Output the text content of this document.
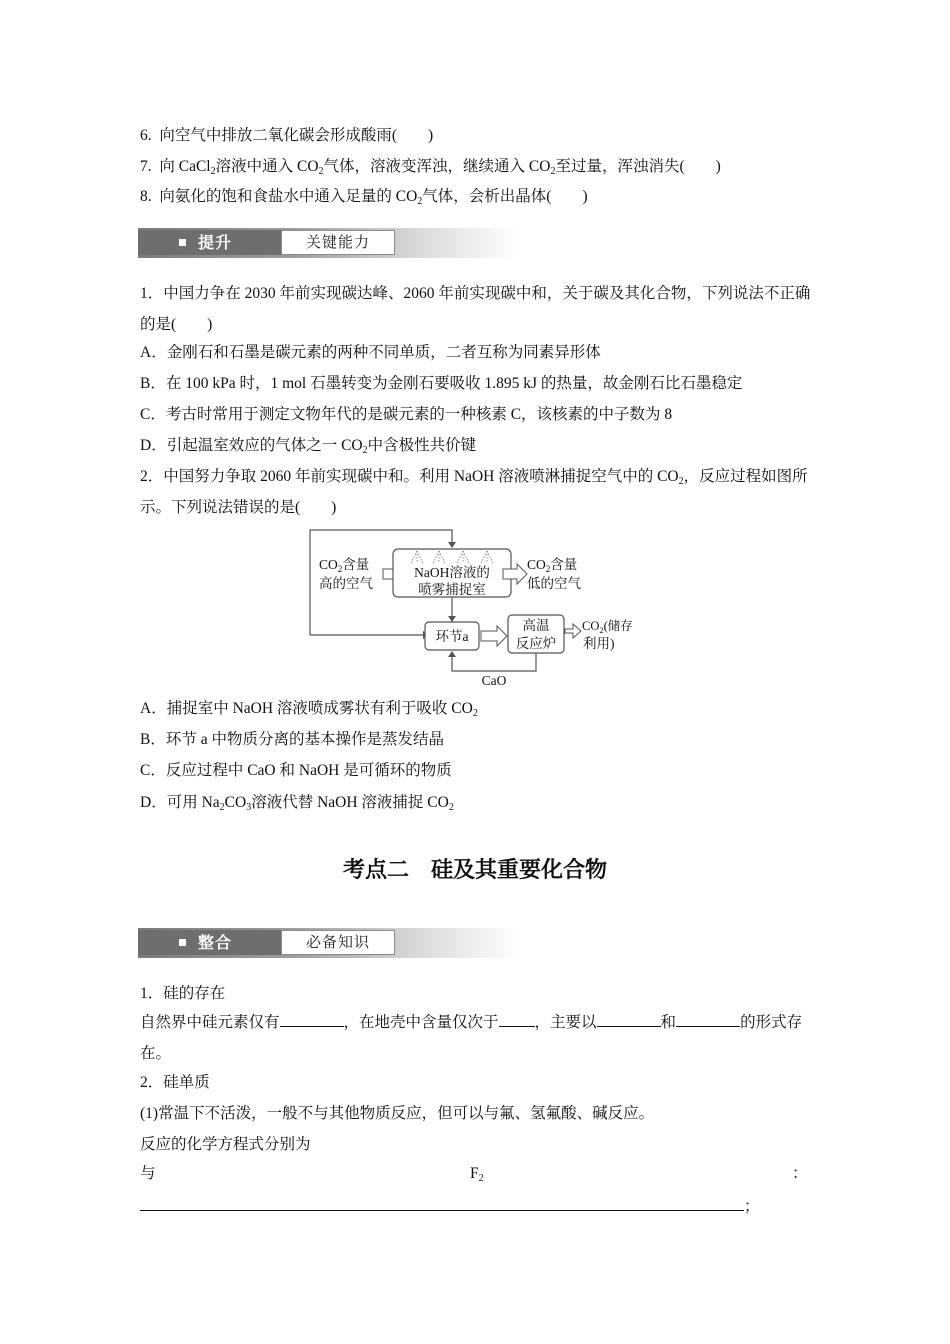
6. 向空气中排放二氧化碳会形成酸雨(　　)
7. 向 CaCl$_2$溶液中通入 $CO_2$气体，溶液变浑浊，继续通入 $CO_2$至过量，浑浊消失(　　)
8. 向氨化的饱和食盐水中通入足量的 $CO_2$气体，会析出晶体(　　)
提升	关键能力
1．中国力争在 2030 年前实现碳达峰、2060 年前实现碳中和，关于碳及其化合物，下列说法不正确的是(　　)
A．金刚石和石墨是碳元素的两种不同单质，二者互称为同素异形体
B．在 100 kPa 时，1 mol 石墨转变为金刚石要吸收 1.895 kJ 的热量，故金刚石比石墨稳定
C．考古时常用于测定文物年代的是碳元素的一种核素 C，该核素的中子数为 8
D．引起温室效应的气体之一 $CO_2$中含极性共价键
2．中国努力争取 2060 年前实现碳中和。利用 NaOH 溶液喷淋捕捉空气中的 $CO_2$，反应过程如图所示。下列说法错误的是(　　)
$CO_2$含量
高的空气
NaOH溶液的
喷雾捕捉室
$CO_2$含量
低的空气
环节a
高温
反应炉
$CO_2$(储存
利用)
CaO
A．捕捉室中 NaOH 溶液喷成雾状有利于吸收 $CO_2$
B．环节 a 中物质分离的基本操作是蒸发结晶
C．反应过程中 CaO 和 NaOH 是可循环的物质
D．可用 $Na_2CO_3$溶液代替 NaOH 溶液捕捉 $CO_2$
考点二　硅及其重要化合物
整合	必备知识
1．硅的存在
自然界中硅元素仅有	，在地壳中含量仅次于 ，主要以	和	的形式存在。
2．硅单质
(1)常温下不活泼，一般不与其他物质反应，但可以与氟、氢氟酸、碱反应。
反应的化学方程式分别为
与	$F_2$	：
；
